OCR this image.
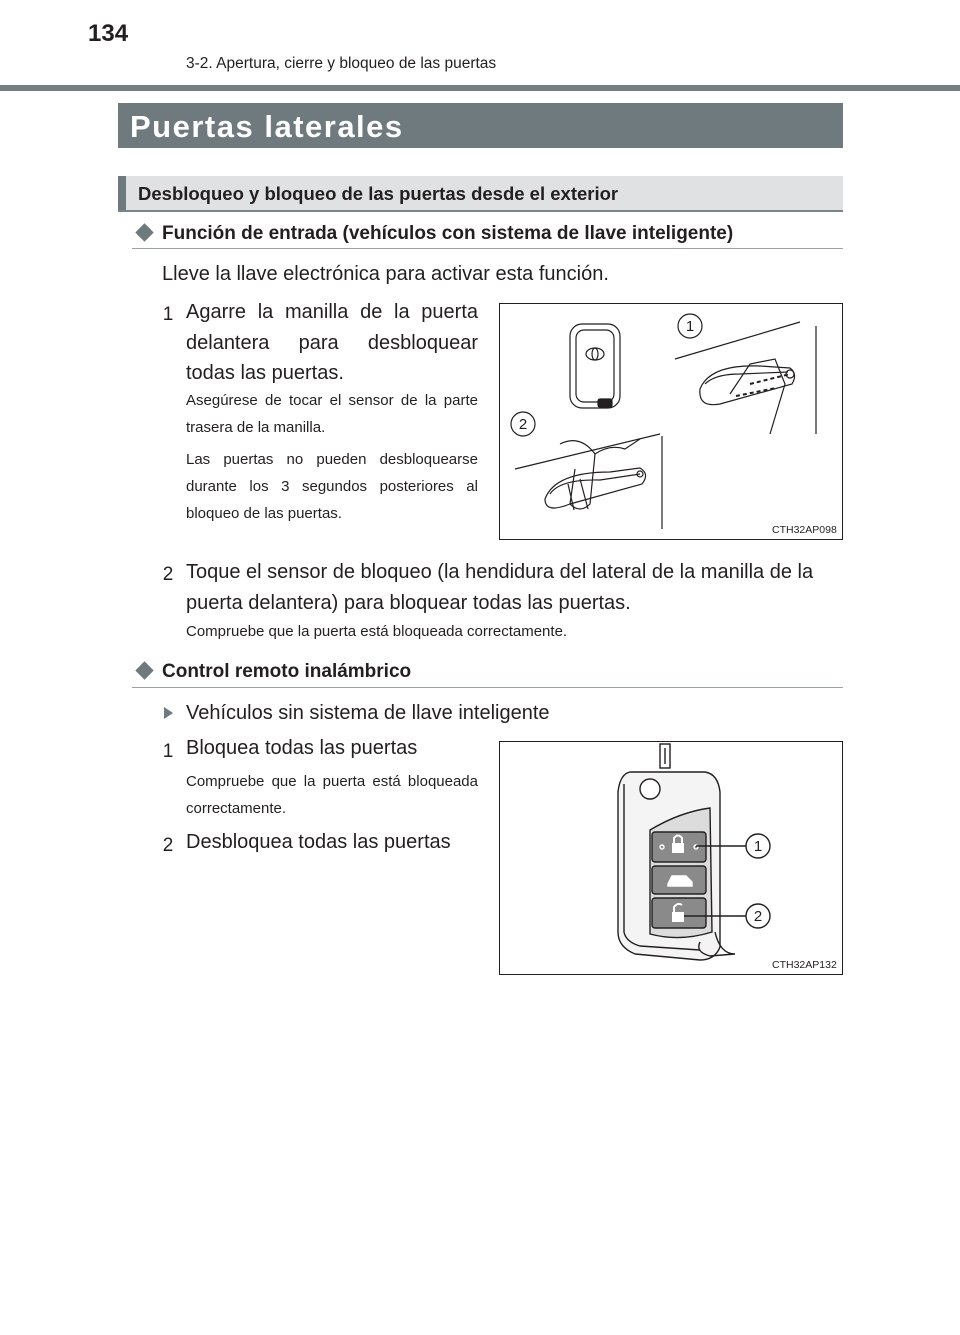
134
3-2. Apertura, cierre y bloqueo de las puertas
Puertas laterales
Desbloqueo y bloqueo de las puertas desde el exterior
Función de entrada (vehículos con sistema de llave inteligente)
Lleve la llave electrónica para activar esta función.
1 Agarre la manilla de la puerta delantera para desbloquear todas las puertas.
Asegúrese de tocar el sensor de la parte trasera de la manilla.
Las puertas no pueden desbloquearse durante los 3 segundos posteriores al bloqueo de las puertas.
1
2
CTH32AP098
2 Toque el sensor de bloqueo (la hendidura del lateral de la manilla de la puerta delantera) para bloquear todas las puertas.
Compruebe que la puerta está bloqueada correctamente.
Control remoto inalámbrico
Vehículos sin sistema de llave inteligente
1 Bloquea todas las puertas
Compruebe que la puerta está bloqueada correctamente.
2 Desbloquea todas las puertas	1
2
CTH32AP132
